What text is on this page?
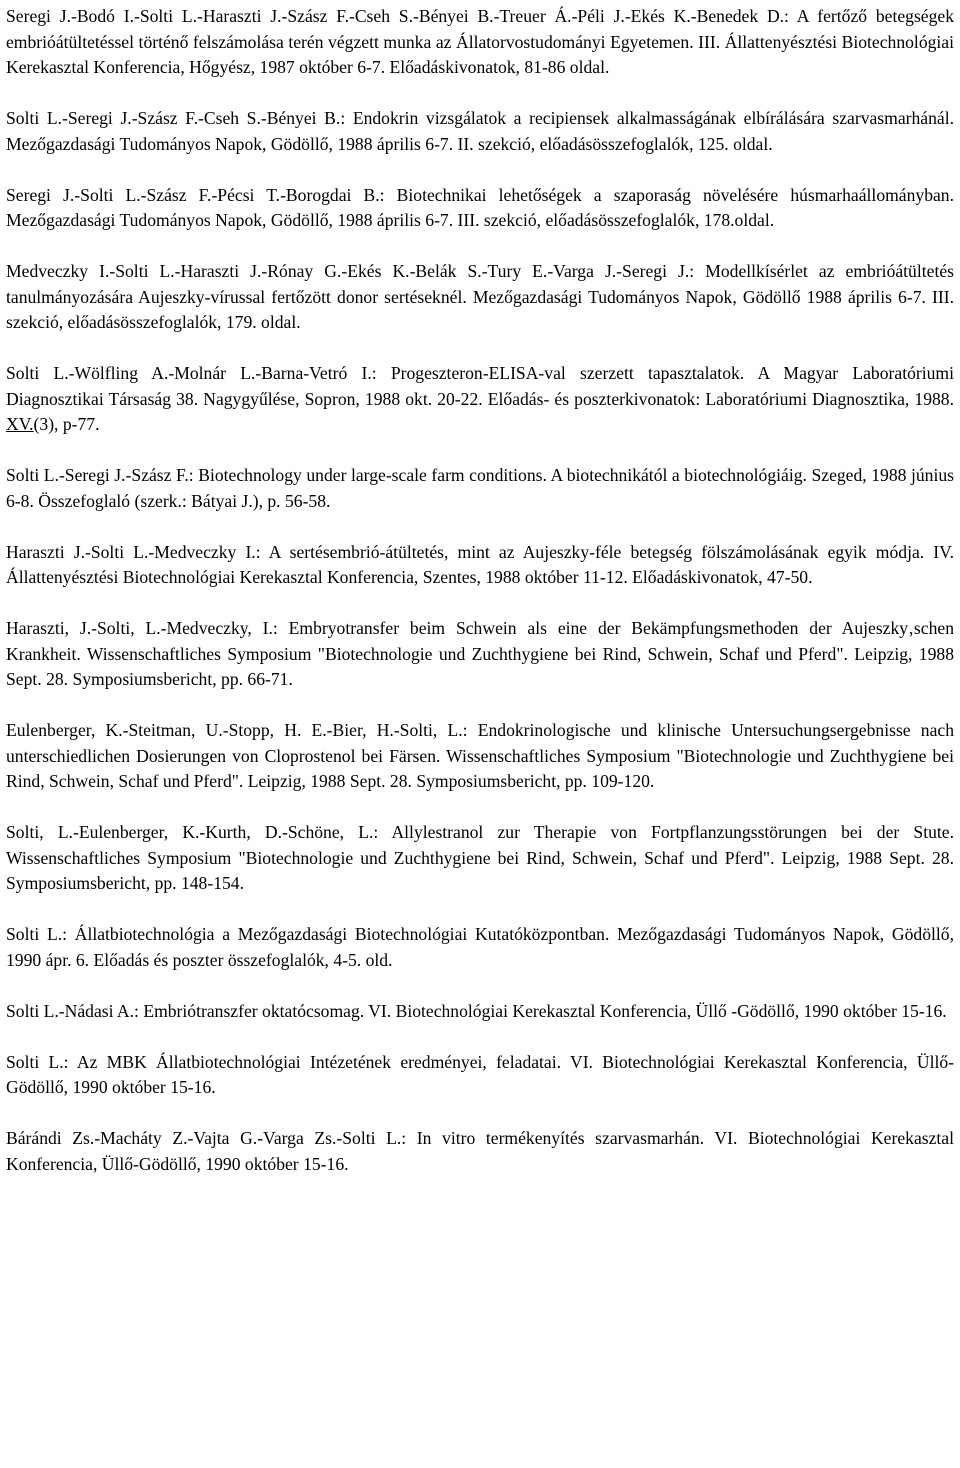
Seregi J.-Bodó I.-Solti L.-Haraszti J.-Szász F.-Cseh S.-Bényei B.-Treuer Á.-Péli J.-Ekés K.-Benedek D.: A fertőző betegségek embrióátültetéssel történő felszámolása terén végzett munka az Állatorvostudományi Egyetemen. III. Állattenyésztési Biotechnológiai Kerekasztal Konferencia, Hőgyész, 1987 október 6-7. Előadáskivonatok, 81-86 oldal.

Solti L.-Seregi J.-Szász F.-Cseh S.-Bényei B.: Endokrin vizsgálatok a recipiensek alkalmasságának elbírálására szarvasmarhánál. Mezőgazdasági Tudományos Napok, Gödöllő, 1988 április 6-7. II. szekció, előadásösszefoglalók, 125. oldal.

Seregi J.-Solti L.-Szász F.-Pécsi T.-Borogdai B.: Biotechnikai lehetőségek a szaporaság növelésére húsmarhaállományban. Mezőgazdasági Tudományos Napok, Gödöllő, 1988 április 6-7. III. szekció, előadásösszefoglalók, 178.oldal.

Medveczky I.-Solti L.-Haraszti J.-Rónay G.-Ekés K.-Belák S.-Tury E.-Varga J.-Seregi J.: Modellkísérlet az embrióátültetés tanulmányozására Aujeszky-vírussal fertőzött donor sertéseknél. Mezőgazdasági Tudományos Napok, Gödöllő 1988 április 6-7. III. szekció, előadásösszefoglalók, 179. oldal.

Solti L.-Wölfling A.-Molnár L.-Barna-Vetró I.: Progeszteron-ELISA-val szerzett tapasztalatok. A Magyar Laboratóriumi Diagnosztikai Társaság 38. Nagygyűlése, Sopron, 1988 okt. 20-22. Előadás- és poszterkivonatok: Laboratóriumi Diagnosztika, 1988. XV.(3), p-77.

Solti L.-Seregi J.-Szász F.: Biotechnology under large-scale farm conditions. A biotechnikától a biotechnológiáig. Szeged, 1988 június 6-8. Összefoglaló (szerk.: Bátyai J.), p. 56-58.

Haraszti J.-Solti L.-Medveczky I.: A sertésembrió-átültetés, mint az Aujeszky-féle betegség fölszámolásának egyik módja. IV. Állattenyésztési Biotechnológiai Kerekasztal Konferencia, Szentes, 1988 október 11-12. Előadáskivonatok, 47-50.

Haraszti, J.-Solti, L.-Medveczky, I.: Embryotransfer beim Schwein als eine der Bekämpfungsmethoden der Aujeszky‚schen Krankheit. Wissenschaftliches Symposium "Biotechnologie und Zuchthygiene bei Rind, Schwein, Schaf und Pferd". Leipzig, 1988 Sept. 28. Symposiumsbericht, pp. 66-71.

Eulenberger, K.-Steitman, U.-Stopp, H. E.-Bier, H.-Solti, L.: Endokrinologische und klinische Untersuchungsergebnisse nach unterschiedlichen Dosierungen von Cloprostenol bei Färsen. Wissenschaftliches Symposium "Biotechnologie und Zuchthygiene bei Rind, Schwein, Schaf und Pferd". Leipzig, 1988 Sept. 28. Symposiumsbericht, pp. 109-120.

Solti, L.-Eulenberger, K.-Kurth, D.-Schöne, L.: Allylestranol zur Therapie von Fortpflanzungsstörungen bei der Stute. Wissenschaftliches Symposium "Biotechnologie und Zuchthygiene bei Rind, Schwein, Schaf und Pferd". Leipzig, 1988 Sept. 28. Symposiumsbericht, pp. 148-154.

Solti L.: Állatbiotechnológia a Mezőgazdasági Biotechnológiai Kutatóközpontban. Mezőgazdasági Tudományos Napok, Gödöllő, 1990 ápr. 6. Előadás és poszter összefoglalók, 4-5. old.

Solti L.-Nádasi A.: Embriótranszfer oktatócsomag. VI. Biotechnológiai Kerekasztal Konferencia, Üllő -Gödöllő, 1990 október 15-16.

Solti L.: Az MBK Állatbiotechnológiai Intézetének eredményei, feladatai. VI. Biotechnológiai Kerekasztal Konferencia, Üllő-Gödöllő, 1990 október 15-16.

Bárándi Zs.-Macháty Z.-Vajta G.-Varga Zs.-Solti L.: In vitro termékenyítés szarvasmarhán. VI. Biotechnológiai Kerekasztal Konferencia, Üllő-Gödöllő, 1990 október 15-16.
